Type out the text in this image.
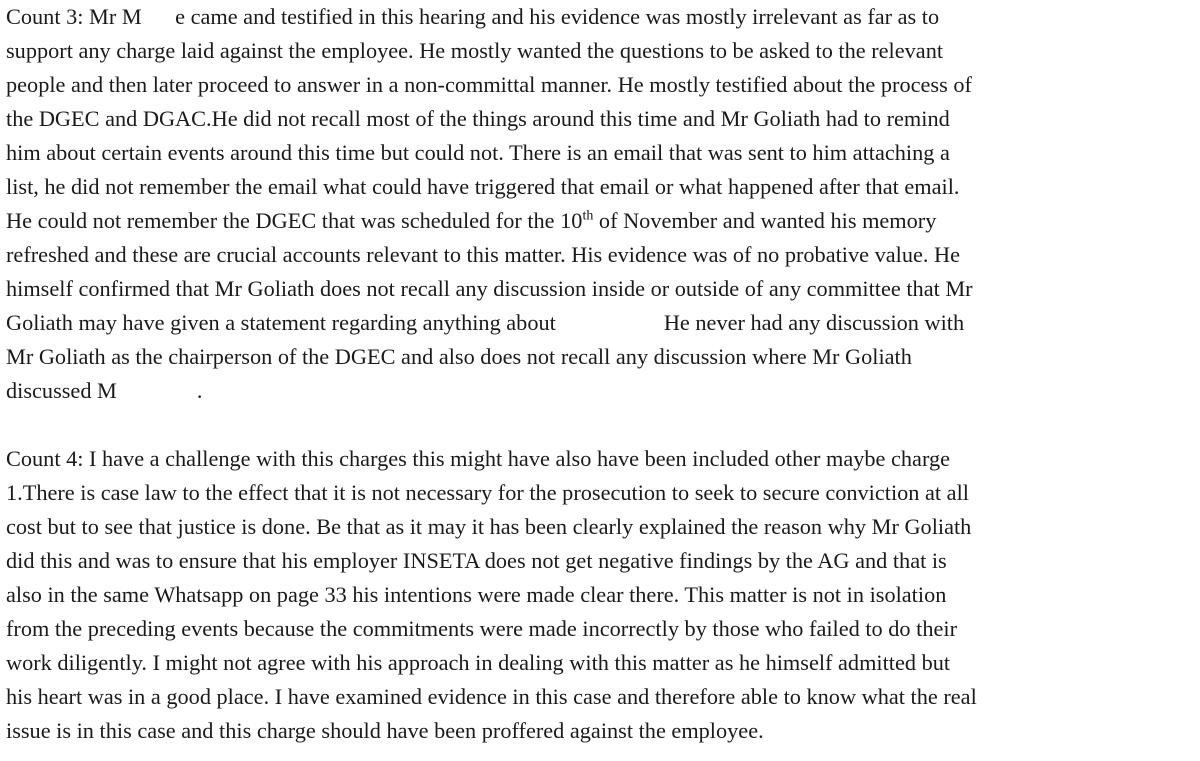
Count 3: Mr M      e came and testified in this hearing and his evidence was mostly irrelevant as far as to
support any charge laid against the employee. He mostly wanted the questions to be asked to the relevant
people and then later proceed to answer in a non-committal manner. He mostly testified about the process of
the DGEC and DGAC.He did not recall most of the things around this time and Mr Goliath had to remind
him about certain events around this time but could not. There is an email that was sent to him attaching a
list, he did not remember the email what could have triggered that email or what happened after that email.
He could not remember the DGEC that was scheduled for the 10th of November and wanted his memory
refreshed and these are crucial accounts relevant to this matter. His evidence was of no probative value. He
himself confirmed that Mr Goliath does not recall any discussion inside or outside of any committee that Mr
Goliath may have given a statement regarding anything about	He never had any discussion with
Mr Goliath as the chairperson of the DGEC and also does not recall any discussion where Mr Goliath
discussed M	.
Count 4: I have a challenge with this charges this might have also have been included other maybe charge
1.There is case law to the effect that it is not necessary for the prosecution to seek to secure conviction at all
cost but to see that justice is done. Be that as it may it has been clearly explained the reason why Mr Goliath
did this and was to ensure that his employer INSETA does not get negative findings by the AG and that is
also in the same Whatsapp on page 33 his intentions were made clear there. This matter is not in isolation
from the preceding events because the commitments were made incorrectly by those who failed to do their
work diligently. I might not agree with his approach in dealing with this matter as he himself admitted but
his heart was in a good place. I have examined evidence in this case and therefore able to know what the real
issue is in this case and this charge should have been proffered against the employee.
